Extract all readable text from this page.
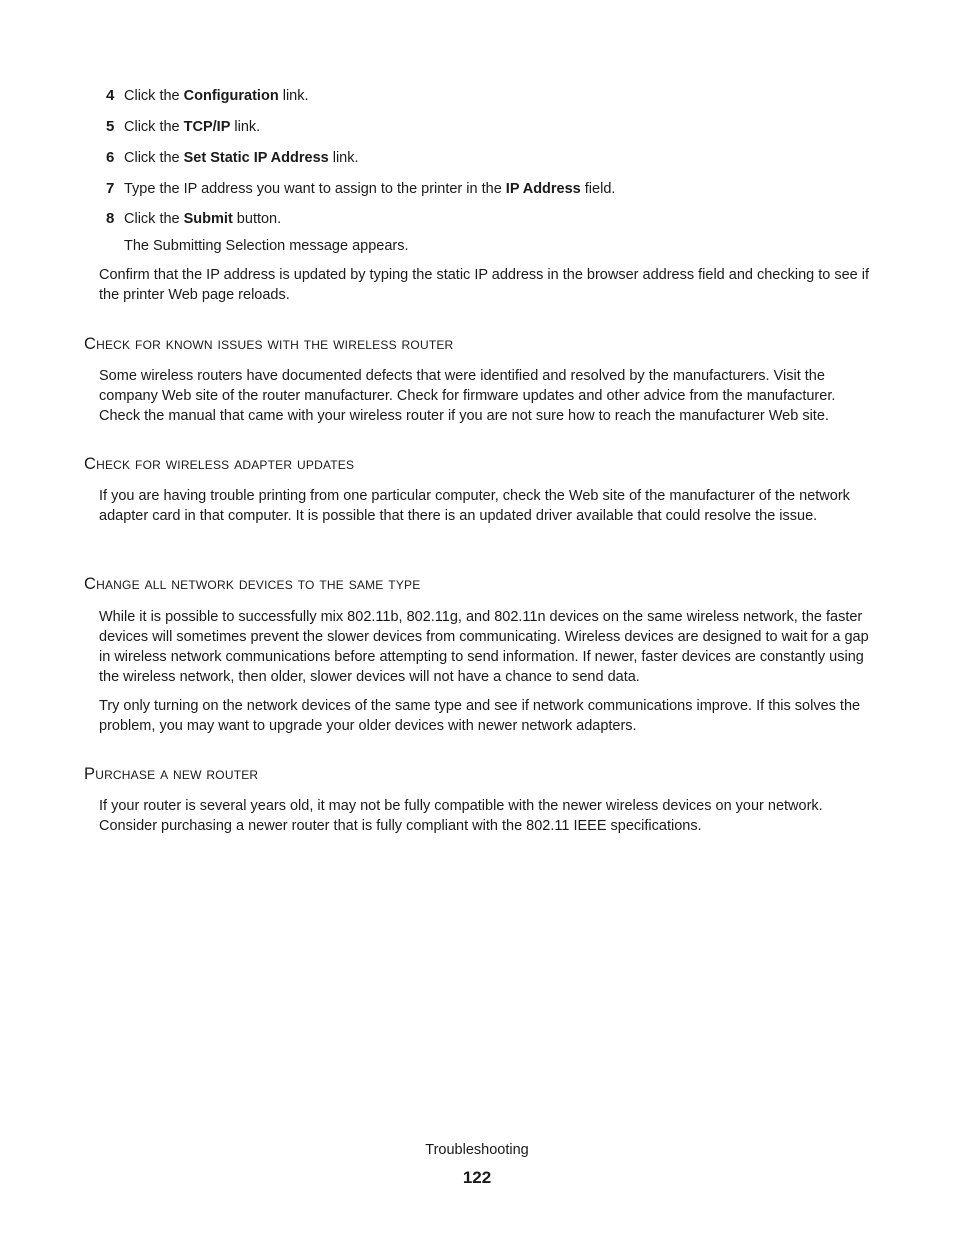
4 Click the Configuration link.
5 Click the TCP/IP link.
6 Click the Set Static IP Address link.
7 Type the IP address you want to assign to the printer in the IP Address field.
8 Click the Submit button.
The Submitting Selection message appears.

Confirm that the IP address is updated by typing the static IP address in the browser address field and checking to see if the printer Web page reloads.

Check for known issues with the wireless router

Some wireless routers have documented defects that were identified and resolved by the manufacturers. Visit the company Web site of the router manufacturer. Check for firmware updates and other advice from the manufacturer. Check the manual that came with your wireless router if you are not sure how to reach the manufacturer Web site.

Check for wireless adapter updates

If you are having trouble printing from one particular computer, check the Web site of the manufacturer of the network adapter card in that computer. It is possible that there is an updated driver available that could resolve the issue.

Change all network devices to the same type

While it is possible to successfully mix 802.11b, 802.11g, and 802.11n devices on the same wireless network, the faster devices will sometimes prevent the slower devices from communicating. Wireless devices are designed to wait for a gap in wireless network communications before attempting to send information. If newer, faster devices are constantly using the wireless network, then older, slower devices will not have a chance to send data.

Try only turning on the network devices of the same type and see if network communications improve. If this solves the problem, you may want to upgrade your older devices with newer network adapters.

Purchase a new router

If your router is several years old, it may not be fully compatible with the newer wireless devices on your network. Consider purchasing a newer router that is fully compliant with the 802.11 IEEE specifications.

Troubleshooting
122
